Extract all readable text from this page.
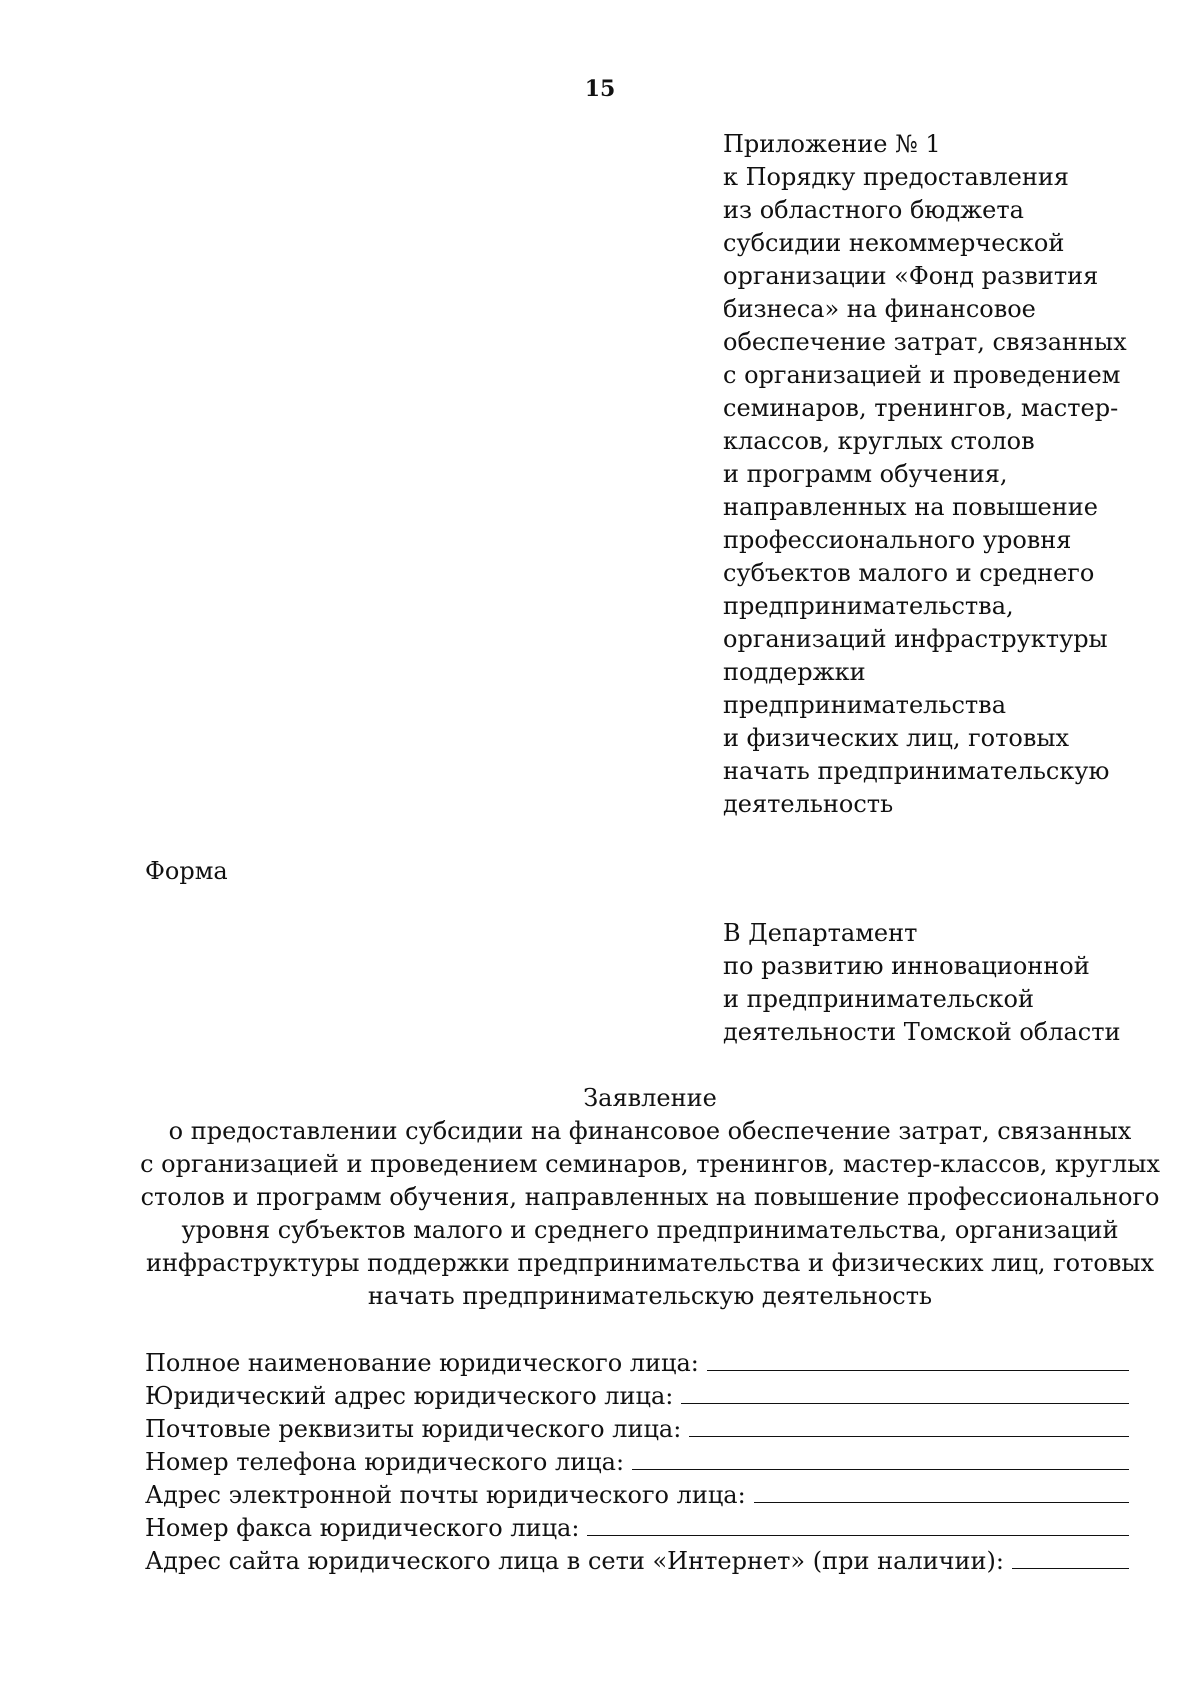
15
Приложение № 1
к Порядку предоставления
из областного бюджета
субсидии некоммерческой
организации «Фонд развития
бизнеса» на финансовое
обеспечение затрат, связанных
с организацией и проведением
семинаров, тренингов, мастер-
классов, круглых столов
и программ обучения,
направленных на повышение
профессионального уровня
субъектов малого и среднего
предпринимательства,
организаций инфраструктуры
поддержки
предпринимательства
и физических лиц, готовых
начать предпринимательскую
деятельность
Форма
В Департамент
по развитию инновационной
и предпринимательской
деятельности Томской области
Заявление
о предоставлении субсидии на финансовое обеспечение затрат, связанных
с организацией и проведением семинаров, тренингов, мастер-классов, круглых
столов и программ обучения, направленных на повышение профессионального
уровня субъектов малого и среднего предпринимательства, организаций
инфраструктуры поддержки предпринимательства и физических лиц, готовых
начать предпринимательскую деятельность
Полное наименование юридического лица:
Юридический адрес юридического лица:
Почтовые реквизиты юридического лица:
Номер телефона юридического лица:
Адрес электронной почты юридического лица:
Номер факса юридического лица:
Адрес сайта юридического лица в сети «Интернет» (при наличии):
